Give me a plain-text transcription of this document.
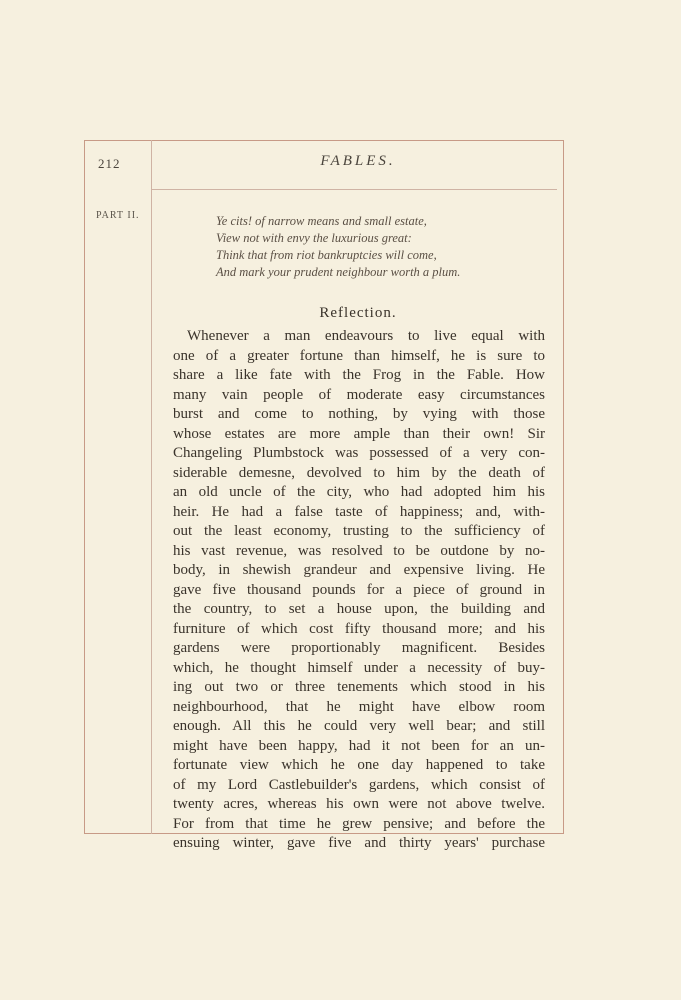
212	FABLES.
PART II.	Ye cits! of narrow means and small estate,
View not with envy the luxurious great:
Think that from riot bankruptcies will come,
And mark your prudent neighbour worth a plum.
Reflection.
Whenever a man endeavours to live equal with
one of a greater fortune than himself, he is sure to
share a like fate with the Frog in the Fable. How
many vain people of moderate easy circumstances
burst and come to nothing, by vying with those
whose estates are more ample than their own! Sir
Changeling Plumbstock was possessed of a very con-
siderable demesne, devolved to him by the death of
an old uncle of the city, who had adopted him his
heir. He had a false taste of happiness; and, with-
out the least economy, trusting to the sufficiency of
his vast revenue, was resolved to be outdone by no-
body, in shewish grandeur and expensive living. He
gave five thousand pounds for a piece of ground in
the country, to set a house upon, the building and
furniture of which cost fifty thousand more; and his
gardens were proportionably magnificent. Besides
which, he thought himself under a necessity of buy-
ing out two or three tenements which stood in his
neighbourhood, that he might have elbow room
enough. All this he could very well bear; and still
might have been happy, had it not been for an un-
fortunate view which he one day happened to take
of my Lord Castlebuilder's gardens, which consist of
twenty acres, whereas his own were not above twelve.
For from that time he grew pensive; and before the
ensuing winter, gave five and thirty years' purchase
